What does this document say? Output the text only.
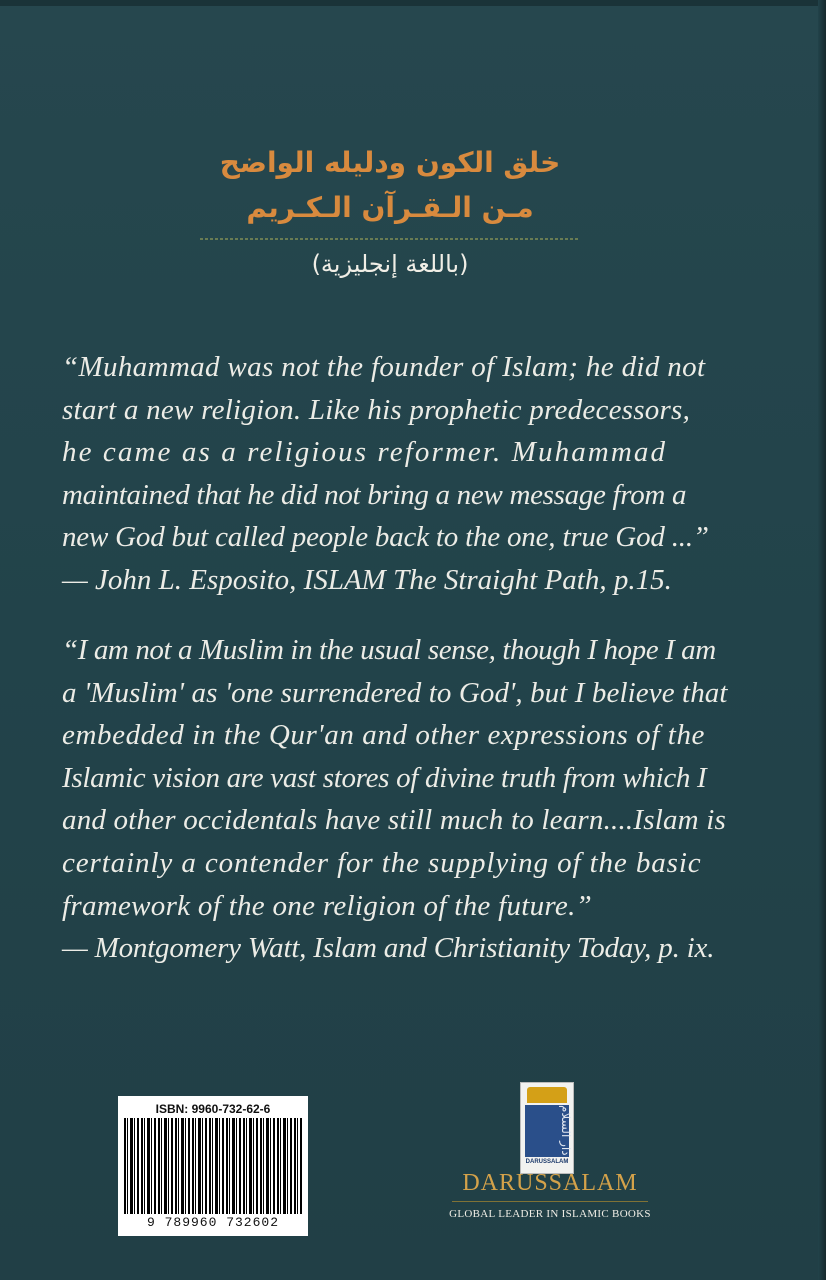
خلق الكون ودليله الواضح

مـن الـقـرآن الـكـريم

(باللغة إنجليزية)

“Muhammad was not the founder of Islam; he did not
start a new religion. Like his prophetic predecessors,
he came as a religious reformer. Muhammad
maintained that he did not bring a new message from a
new God but called people back to the one, true God ...”
— John L. Esposito, ISLAM The Straight Path, p.15.
“I am not a Muslim in the usual sense, though I hope I am
a 'Muslim' as 'one surrendered to God', but I believe that
embedded in the Qur'an and other expressions of the
Islamic vision are vast stores of divine truth from which I
and other occidentals have still much to learn....Islam is
certainly a contender for the supplying of the basic
framework of the one religion of the future.”
— Montgomery Watt, Islam and Christianity Today, p. ix.
ISBN: 9960-732-62-6
9 789960 732602
دار السلام
DARUSSALAM

DARUSSALAM

GLOBAL LEADER IN ISLAMIC BOOKS
